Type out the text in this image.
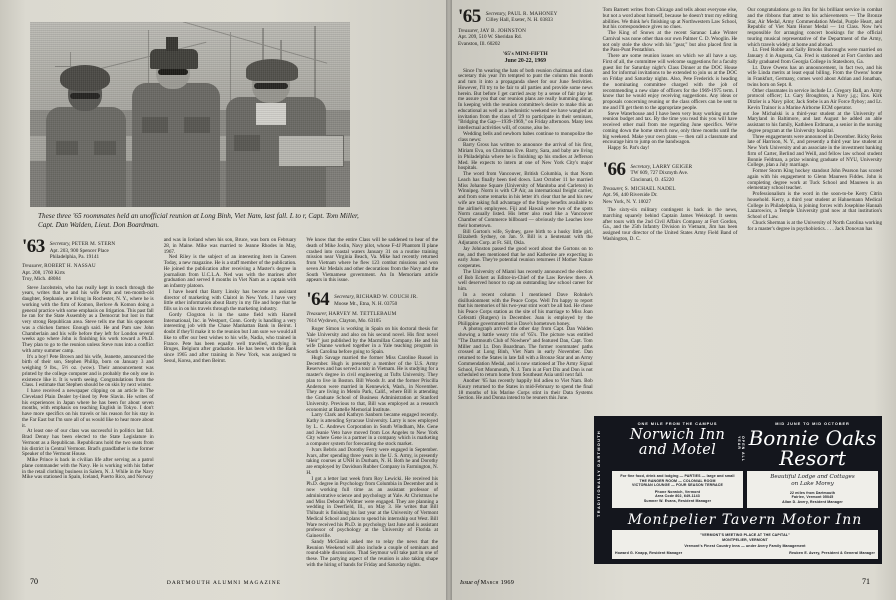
These three '65 roommates held an unofficial reunion at Long Binh, Viet Nam, last fall. L to r, Capt. Tom Miller, Capt. Dan Walden, Lieut. Don Boardman.
'63 Secretary, PETER M. STERN
Apt. 203, 900 Spencer Place
Philadelphia, Pa. 19141
Treasurer, ROBERT H. NASSAU
Apt. 208, 1760 Kirts
Troy, Mich. 48084

Steve Jacobstein, who has really kept in touch through the years, writes that he and his wife Pam and ten-month-old daughter, Stephanie, are living in Rochester, N. Y., where he is working with the firm of Komon, Berlove & Komon doing a general practice with some emphasis on litigation. This past fall he ran for the State Assembly as a Democrat but lost in that very strong Republican area. Steve tells me that his opponent was a chicken farmer. Enough said. He and Pam saw John Chamberlain and his wife before they left for London several weeks ago where John is finishing his work toward a Ph.D. They plan to go to the reunion unless Steve runs into a conflict with army summer camp.

It's a boy! Pete Brown and his wife, Jeanette, announced the birth of their son, Stephen Phillip, born on January 3 and weighing 9 lbs., 5½ oz. (wow). Their announcement was printed by the college computer and is probably the only one in existence like it. It is worth seeing. Congratulations from the Class. I estimate that Stephen should be on skis by next winter.

I have received a newspaper clipping on an article in The Cleveland Plain Dealer by-lined by Pete Slavin. He writes of his experiences in Japan where he has been for about seven months, with emphasis on teaching English in Tokyo. I don't have more specifics on his travels or his reason for his stay in the Far East but I'm sure all of us would like to hear more about it.

At least one of our class was successful in politics last fall. Brad Denny has been elected to the State Legislature in Vermont as a Republican. Republicans hold the two seats from his district in Central Vermont. Brad's grandfather is the former Speaker of the Vermont House.

Mike Prince is back in civilian life after serving as a patrol plane commander with the Navy. He is working with his father in the retail clothing business in Salem, N. J. While in the Navy Mike was stationed in Spain, Iceland, Puerto Rico, and Norway

and was in Iceland when his son, Bruce, was born on February 28, in Maine. Mike was married to Jeanne Rhodes in May, 1967.

Ned Riley is the subject of an interesting item in Careers Today, a new magazine. He is a staff member of the publication. He joined the publication after receiving a Master's degree in journalism from U.C.L.A. Ned was with the marines after graduation and served 8 months in Viet Nam as a captain with an infantry platoon.

I have heard that Barry Linsky has become an assistant director of marketing with Clairol in New York. I have very little other information about Barry in my file and hope that he fills us in on his travels through the marketing industry.

Gordy Clogston is in the same field with Harrell International, Inc. in Westport, Conn. Gordy is handling a very interesting job with the Chase Manhattan Bank in Beirut. I doubt if they'll make it to the reunion but I am sure we would all like to offer our best wishes to his wife, Nadia, who trained in France. Pete has been equally well travelled, studying in Bruges, Belgium after graduation. He has been with the Bank since 1965 and after training in New York, was assigned to Seoul, Korea, and then Beirut.

We know that the entire Class will be saddened to hear of the death of Mike Joslin, Navy pilot, whose F-4J Phantom II plane crashed into coastal waters January 31 on a routine training mission near Virginia Beach, Va. Mike had recently returned from Vietnam where he flew 123 combat missions and won seven Air Medals and other decorations from the Navy and the South Vietnamese government. An In Memoriam article appears in this issue.

'64 Secretary, RICHARD W. COUCH JR.
Moose Mt., Etna, N. H. 03750
Treasurer, HARVEY M. TETTLEBAUM
7614 Wydown, Clayton, Mo. 63105

Roger Simon is working in Spain on his doctoral thesis for Yale University and also on his second novel. His first novel "Heir" just published by the Macmillan Company. He and his wife Dianne worked together in a Yale teaching program in South Carolina before going to Spain.

Hugh Savage married the former Miss Caroline Russel in December. Hugh is presently a member of the U.S. Army Reserves and has served a tour in Vietnam. He is studying for a master's degree in civil engineering at Tufts University. They plan to live in Boston. Bill Woods Jr. and the former Priscilla Anderson were married in Kennewick, Wash., in November. They are living in Menlo Park, Calif., where Bill is attending the Graduate School of Business Administration at Stanford University. Previous to that, Bill was employed as a research economist at Battelle Memorial Institute.

Larry Clark and Kathryn Sanborn became engaged recently. Kathy is attending Syracuse University. Larry is now employed by L. C. Andrews Corporation in South Windham, Me. Gene and Jeanie Veto have moved from Los Angeles to New York City where Gene is a partner in a company which is marketing a computer system for forecasting the stock market.

Ivars Bebris and Dorothy Ferry were engaged in September. Ivars, after spending three years in the U. S. Army, is presently taking courses at UNH in Durham, N. H. Both he and Dorothy are employed by Davidson Rubber Company in Farmington, N. H.

I got a letter last week from Roy Lewicki. He received his Ph.D. degree in Psychology from Columbia in December and is now working full time as an assistant professor of administrative science and psychology at Yale. At Christmas he and Miss Deborah Widmer were engaged. They are planning a wedding in Deerfield, Ill., on May 3. He writes that Bill Thibault is finishing his last year at the University of Vermont Medical School and plans to spend his internship out West. Bill Ware received his Ph.D. in psychology last June and is assistant professor of psychology at the University of Florida at Gainesville.

Sandy McGinnis asked me to relay the news that the Reunion Weekend will also include a couple of seminars and round-table discussions. Thad Seymour will take part in one of these. The partying aspect of the reunion is also taking shape with the hiring of bands for Friday and Saturday nights.

70	DARTMOUTH ALUMNI MAGAZINE
'65 Secretary, PAUL R. MAHONEY
Cilley Hall, Exeter, N. H. 03833
Treasurer, JAY B. JOHNSTON
Apt. 209, 510 W. Sheridan Rd.
Evanston, Ill. 60202
'65's MINI-FIFTH
June 20-22, 1969

Since I'm wearing the hats of both reunion chairman and class secretary this year I'm tempted to punt the column this month and turn it into a propaganda sheet for our June festivities. However, I'll try to be fair to all parties and provide some news herein. But before I get carried away by a sense of fair play let me assure you that our reunion plans are really humming along. In keeping with the reunion committee's desire to make this an educational as well as a hedonistic weekend we have wangled an invitation from the class of '29 to participate in their seminars, "Bridging the Gap—1939-1969," on Friday afternoon. Many less intellectual activities will, of course, also be.

Wedding bells and newborn babes continue to monopolize the class news:

Barry Gross has written to announce the arrival of his first, Miriam Eva, on Christmas Eve. Barry, Sara, and baby are living in Philadelphia where he is finishing up his studies at Jefferson Med. He expects to intern at one of New York City's major hospitals.

The word from Vancouver, British Columbia, is that Norm Leach has finally been tied down. Last October 11 he married Miss Johanne Square (University of Manitoba and Carleton) in Winnipeg. Norm is with CP Air, an international freight carrier, and from some remarks in his letter it's clear that he and his new wife are taking full advantage of the fringe benefits available to the airline's employees. Fiji and Hawaii were two of the spots Norm casually listed. His letter also read like a Vancouver Chamber of Commerce billboard — obviously the Leaches love their hometown.

Bill Gorton's wife, Sydney, gave birth to a husky little girl, Elizabeth Sydney, on Jan. 9. Bill is a lieutenant with the Adjutants Corp. at Ft. Sill, Okla.

Jay Johnston passed the good word about the Gortons on to me, and then mentioned that he and Katherine are expecting in early June. They're potential reunion returnees if Mother Nature cooperates.

The University of Miami has recently announced the election of Bob Eckert as Editor-in-Chief of the Law Review there. A well deserved honor to cap an outstanding law school career for him.

In a recent column I mentioned Dave Rohnke's disillusionment with the Peace Corps. Well I'm happy to report that his memories of his two-year stint won't be all bad. He chose his Peace Corps station as the site of his marriage to Miss Joan Ceferatti (Rutgers) in December. Joan is employed by the Philippine government but is Dave's hometown honey.

A photograph arrived the other day from Capt. Dan Walden showing a battle weary trio of '65's. The picture was entitled "The Dartmouth Club of Nowhere" and featured Dan, Capt. Tom Miller and Lt. Don Boardman. The former roommates' paths crossed at Long Binh, Viet Nam in early November. Dan returned to the States in late fall with a Bronze Star and an Army Commendation Medal, and is now stationed at The Army Signal School, Fort Monmouth, N. J. Tom is at Fort Dix and Don is not scheduled to return home from Southeast Asia until next fall.

Another '65 has recently happily bid adieu to Viet Nam. Bob Koury returned to the States in mid-February to spend the final 18 months of his Marine Corps stint in their Data Systems Section. He and Donna intend to be reuners this June.

Tom Barnett writes from Chicago and tells about everyone else, but not a word about himself, because he doesn't trust my editing abilities. We think he's finishing up at Northwestern Law School, but his correspondence gives no clues.

The King of Snows at the recent Saranac Lake Winter Carnival was none other than our own Palmer C. D. Wooglin. He not only stole the show with his "gear," but also placed first in the Pass-Punt Pentathlon.

There are some reunion issues on which we all have a say. First of all, the committee will welcome suggestions for a faculty guest list for Saturday night's Class Dinner at the DOC House and for informal invitations to be extended to join us at the DOC on Friday and Saturday nights. Also, Pete Frederick is heading the nominating committee charged with the job of recommending a new slate of officers for the 1969-1975 term. I know that he would enjoy receiving suggestions. Any ideas or proposals concerning reuning or the class officers can be sent to me and I'll get them to the appropriate people.

Steve Waterhouse and I have been very busy working out the reunion budget and tax. By the time you read this you will have received other mail from me regarding June specifics. We're coming down the home stretch now, only three months until the big weekend. Make your own plans — then call a classmate and encourage him to jump on the bandwagon.

Happy St. Pat's day!

'66 Secretary, LARRY GEIGER
TW 609, 727 Dixmyth Ave.
Cincinnati, O. 45220
Treasurer, S. MICHAEL NADEL
Apt. 96, 440 Riverside Dr.
New York, N. Y. 10027

The sixty-six military contingent is back in the news, marching squarely behind Captain James Weiskopf. It seems after tours with the 2nd Civil Affairs Company at Fort Gordon, Ga., and the 25th Infantry Division in Vietnam, Jim has been assigned tour director of the United States Army Field Band of Washington, D. C.

Our congratulations go to Jim for his brilliant service in combat and the ribbons that attest to his achievements — The Bronze Star, Air Medal, Army Commendation Medal, Purple Heart, and Republic of Viet Nam Honor Medal — 1st Class. Now he's responsible for arranging concert bookings for the official touring musical representative of the Department of the Army, which travels widely at home and abroad.

Lt. Fred Robbe and Sally Brooks Burroughs were married on January 4 in Augusta, Ga. Fred is stationed at Fort Gordon and Sally graduated from Georgia College in Statesboro, Ga.

Lt. Dave Owens has an announcement, in fact two, and his wife Linda merits at least equal billing. From the Owens' home in Frankfurt, Germany, comes word about Adrian and Jonathan, twins born on Sept. 8.

Other classmates in service include Lt. Gregory Ball, an Army protocol officer; Lt. Gary Broughton, a Navy j.g.; Ens. Kirk Ditzler is a Navy pilot; Jack Stebe is an Air Force flyboy; and Lt. Kevin Trainor is a Marine Airborne ECM operator.

Joe Michalski is a third-year student at the University of Maryland in Baltimore, and last August he added an able assistant to his family, Kathleen Erdmann, a senior in the nursing degree program at the University hospital.

Three engagements were announced in December. Ricky Reiss late of Harrison, N. Y., and presently a third year law student at New York University and an associate in the investment banking firm of Carter, Berlind and Weill, and fellow law school student Bonnie Feldman, a prize winning graduate of NYU, University College, plan a July marriage.

Former Storm King hockey standout John Pearson has scored again with his engagement to Glenn Maureen Fiddes. John is completing degree work at Tuck School and Maureen is an elementary school teacher.

Professionalism is the word in the soon-to-be Kerry Citrin household. Kerry, a third year student at Hahnemann Medical College in Philadelphia, is joining forces with Josephine Hannah Lazarowics, a Temple University grad now at that institution's School of Law.

Chuck Sherman is at the University of North Carolina working for a master's degree in psychobiotics. . . . Jack Donovan has

TRADITIONALLY DARTMOUTH
ONE MILE FROM THE CAMPUS
Norwich Inn
and Motel	OPEN ALL YEAR
MID JUNE TO MID OCTOBER
Bonnie Oaks
Resort
For fine food, drink and lodging — PARTIES — large and small
THE RANGER ROOM — COLONIAL ROOM
VICTORIAN LOUNGE — FOUR SEASON TERRACE
Phone Norwich, Vermont
Area Code 802, 649-1143
Sumner W. Evans, Resident Manager
Beautiful Lodge and Cottages
on Lake Morey
22 miles from Dartmouth
Fairlee, Vermont 05045
Allan D. Avery, Resident Manager
Montpelier Tavern Motor Inn
"VERMONT'S MEETING PLACE AT THE CAPITAL"
MONTPELIER, VERMONT
Vermont's Finest Country Inns — under Avery Family Management
Howard G. Knapp, Resident Manager	Reuben E. Avery, President & General Manager
Issue of March 1969	71
